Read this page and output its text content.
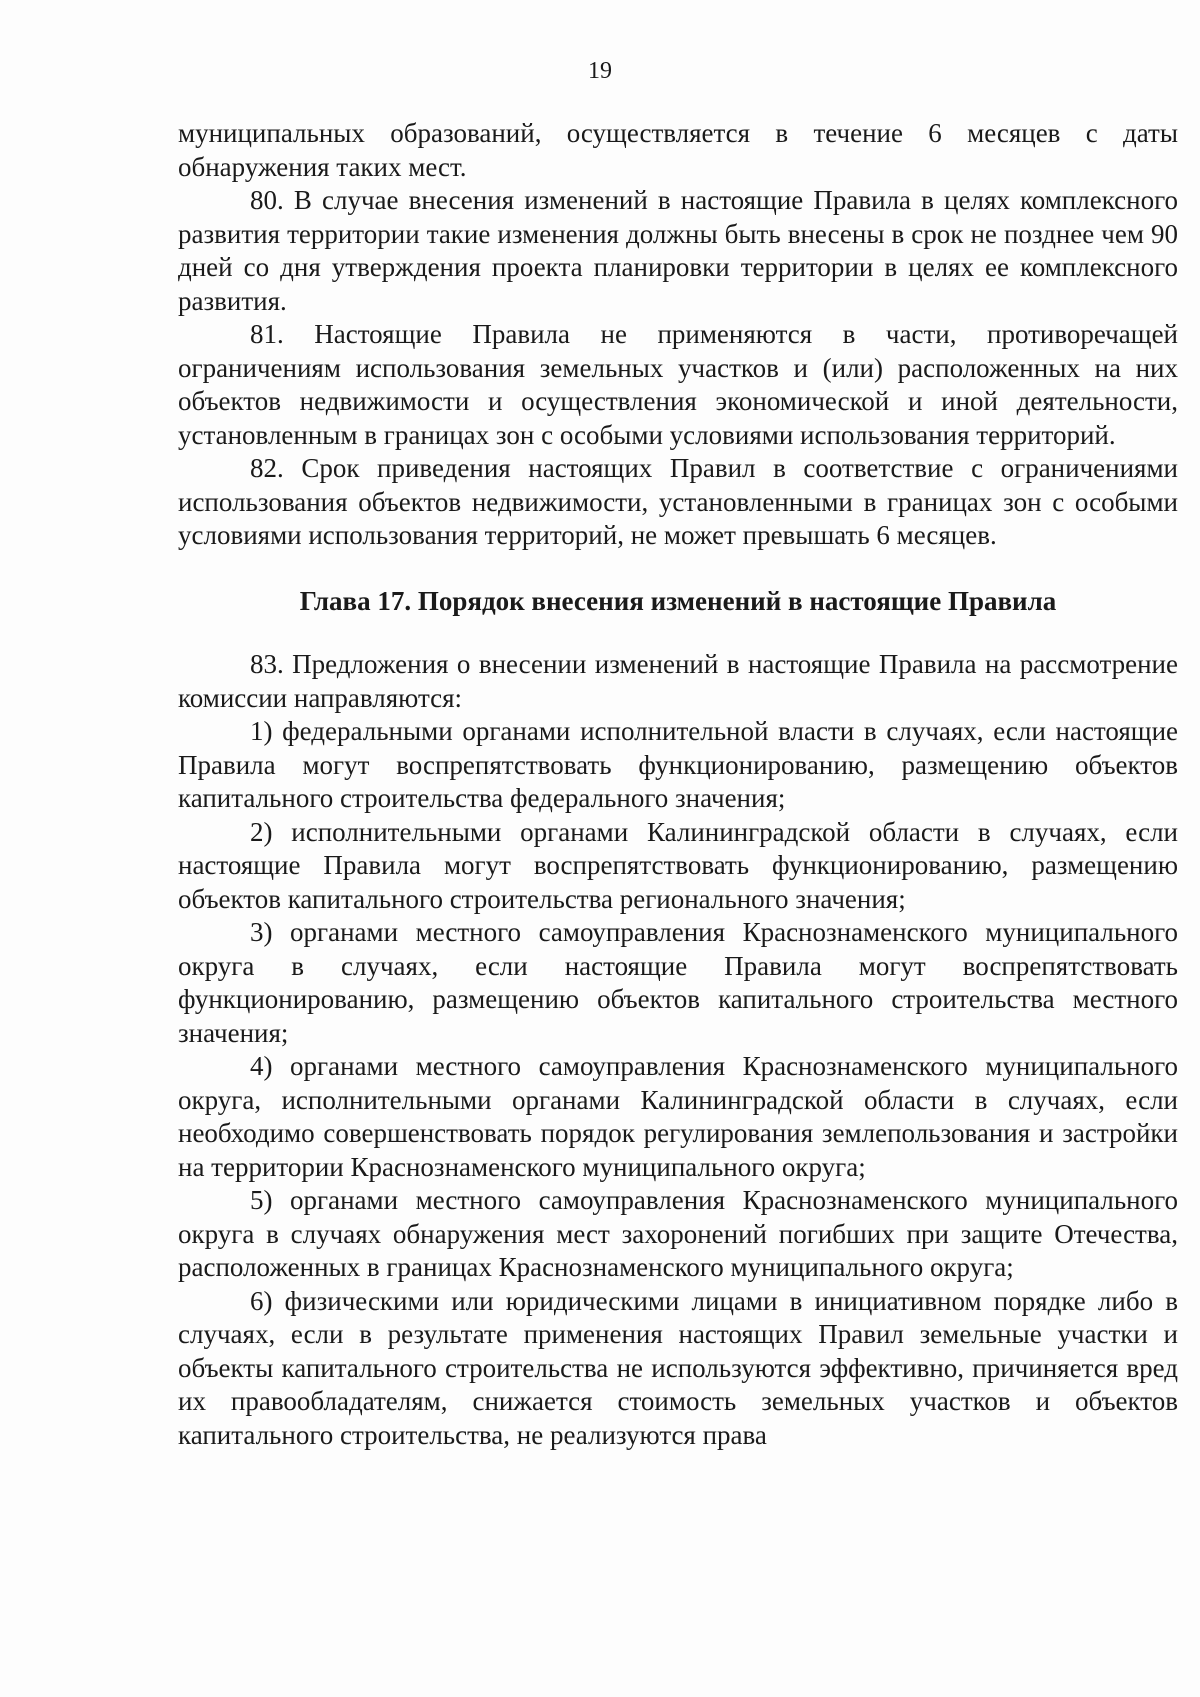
19

муниципальных образований, осуществляется в течение 6 месяцев с даты обнаружения таких мест.

80. В случае внесения изменений в настоящие Правила в целях комплексного развития территории такие изменения должны быть внесены в срок не позднее чем 90 дней со дня утверждения проекта планировки территории в целях ее комплексного развития.

81. Настоящие Правила не применяются в части, противоречащей ограничениям использования земельных участков и (или) расположенных на них объектов недвижимости и осуществления экономической и иной деятельности, установленным в границах зон с особыми условиями использования территорий.

82. Срок приведения настоящих Правил в соответствие с ограничениями использования объектов недвижимости, установленными в границах зон с особыми условиями использования территорий, не может превышать 6 месяцев.

Глава 17. Порядок внесения изменений в настоящие Правила

83. Предложения о внесении изменений в настоящие Правила на рассмотрение комиссии направляются:

1) федеральными органами исполнительной власти в случаях, если настоящие Правила могут воспрепятствовать функционированию, размещению объектов капитального строительства федерального значения;

2) исполнительными органами Калининградской области в случаях, если настоящие Правила могут воспрепятствовать функционированию, размещению объектов капитального строительства регионального значения;

3) органами местного самоуправления Краснознаменского муниципального округа в случаях, если настоящие Правила могут воспрепятствовать функционированию, размещению объектов капитального строительства местного значения;

4) органами местного самоуправления Краснознаменского муниципального округа, исполнительными органами Калининградской области в случаях, если необходимо совершенствовать порядок регулирования землепользования и застройки на территории Краснознаменского муниципального округа;

5) органами местного самоуправления Краснознаменского муниципального округа в случаях обнаружения мест захоронений погибших при защите Отечества, расположенных в границах Краснознаменского муниципального округа;

6) физическими или юридическими лицами в инициативном порядке либо в случаях, если в результате применения настоящих Правил земельные участки и объекты капитального строительства не используются эффективно, причиняется вред их правообладателям, снижается стоимость земельных участков и объектов капитального строительства, не реализуются права
